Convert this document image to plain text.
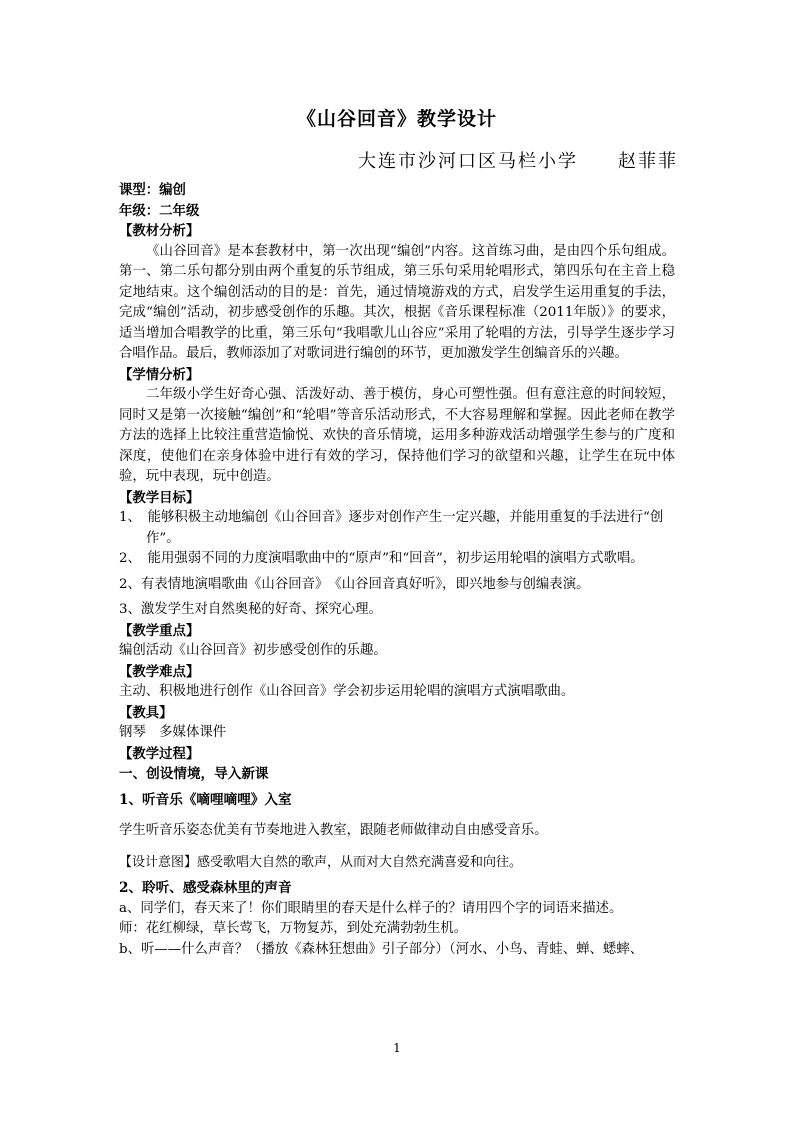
《山谷回音》教学设计
大连市沙河口区马栏小学　　赵菲菲

课型：编创

年级：二年级

【教材分析】

《山谷回音》是本套教材中，第一次出现“编创”内容。这首练习曲，是由四个乐句组成。第一、第二乐句都分别由两个重复的乐节组成，第三乐句采用轮唱形式，第四乐句在主音上稳定地结束。这个编创活动的目的是：首先，通过情境游戏的方式，启发学生运用重复的手法，完成“编创”活动，初步感受创作的乐趣。其次，根据《音乐课程标准（2011年版）》的要求，适当增加合唱教学的比重，第三乐句“我唱歌儿山谷应”采用了轮唱的方法，引导学生逐步学习合唱作品。最后，教师添加了对歌词进行编创的环节，更加激发学生创编音乐的兴趣。

【学情分析】

二年级小学生好奇心强、活泼好动、善于模仿，身心可塑性强。但有意注意的时间较短，同时又是第一次接触“编创”和“轮唱”等音乐活动形式，不大容易理解和掌握。因此老师在教学方法的选择上比较注重营造愉悦、欢快的音乐情境，运用多种游戏活动增强学生参与的广度和深度，使他们在亲身体验中进行有效的学习，保持他们学习的欲望和兴趣，让学生在玩中体验，玩中表现，玩中创造。

【教学目标】

1、　能够积极主动地编创《山谷回音》逐步对创作产生一定兴趣，并能用重复的手法进行“创作”。

2、　能用强弱不同的力度演唱歌曲中的“原声”和“回音”，初步运用轮唱的演唱方式歌唱。

2、有表情地演唱歌曲《山谷回音》　《山谷回音真好听》，即兴地参与创编表演。

3、激发学生对自然奥秘的好奇、探究心理。

【教学重点】

编创活动《山谷回音》初步感受创作的乐趣。

【教学难点】

主动、积极地进行创作《山谷回音》学会初步运用轮唱的演唱方式演唱歌曲。

【教具】

钢琴　多媒体课件

【教学过程】

一、创设情境，导入新课

1、听音乐《嘀哩嘀哩》入室

学生听音乐姿态优美有节奏地进入教室，跟随老师做律动自由感受音乐。

【设计意图】感受歌唱大自然的歌声，从而对大自然充满喜爱和向往。

2、聆听、感受森林里的声音

a、同学们，春天来了！你们眼睛里的春天是什么样子的？请用四个字的词语来描述。

师：花红柳绿，草长莺飞，万物复苏，到处充满勃勃生机。

b、听——什么声音？（播放《森林狂想曲》引子部分）（河水、小鸟、青蛙、蝉、蟋蟀、

1
